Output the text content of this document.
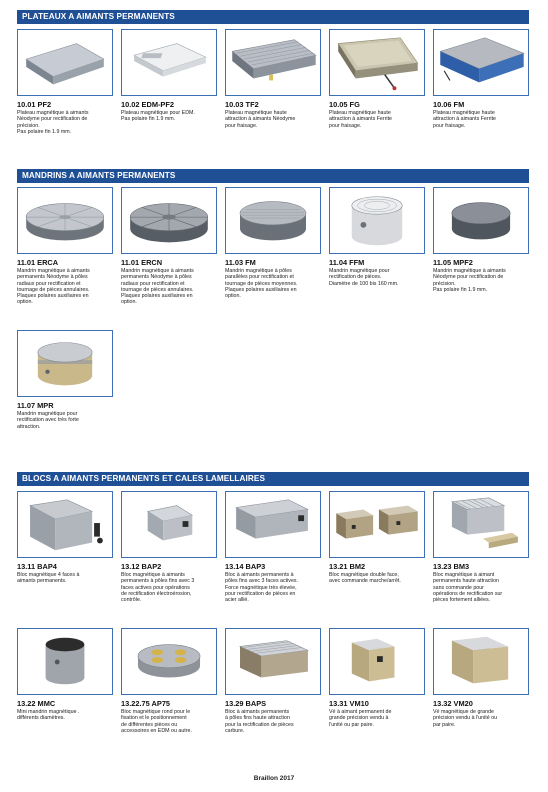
PLATEAUX A AIMANTS PERMANENTS
10.01 PF2
Plateau magnétique à aimants
Néodyme pour rectification de
précision.
Pas polaire fin 1.9 mm.
10.02 EDM-PF2
Plateau magnétique pour EDM.
Pas polaire fin 1.9 mm.
10.03 TF2
Plateau magnétique haute
attraction à aimants Néodyme
pour fraisage.
10.05 FG
Plateau magnétique haute
attraction à aimants Ferrite
pour fraisage.
10.06 FM
Plateau magnétique haute
attraction à aimants Ferrite
pour fraisage.
MANDRINS A AIMANTS PERMANENTS
11.01 ERCA
Mandrin magnétique à aimants
permanents Néodyme à pôles
radiaux pour rectification et
tournage de pièces annulaires.
Plaques polaires auxiliaires en
option.
11.01 ERCN
Mandrin magnétique à aimants
permanents Néodyme à pôles
radiaux pour rectification et
tournage de pièces annulaires.
Plaques polaires auxiliaires en
option.
11.03 FM
Mandrin magnétique à pôles
parallèles pour rectification et
tournage de pièces moyennes.
Plaques polaires auxiliaires en
option.
11.04 FFM
Mandrin magnétique pour
rectification de pièces.
Diamètre de 100 bis 160 mm.
11.05 MPF2
Mandrin magnétique à aimants
Néodyme pour rectification de
précision.
Pas polaire fin 1.9 mm.
11.07 MPR
Mandrin magnétique pour
rectification avec très forte
attraction.
BLOCS A AIMANTS PERMANENTS ET CALES LAMELLAIRES
13.11 BAP4
Bloc magnétique 4 faces à
aimants permanents.
13.12 BAP2
Bloc magnétique à aimants
permanents à pôles fins avec 3
faces actives pour opérations
de rectification électroérosion,
contrôle.
13.14 BAP3
Bloc à aimants permanents à
pôles fins avec 3 faces actives.
Force magnétique très élevée,
pour rectification de pièces en
acier allié.
13.21 BM2
Bloc magnétique double face,
avec commande marche/arrêt.
13.23 BM3
Bloc magnétique à aimant
permanents haute attraction
sans commande pour
opérations de rectification sur
pièces fortement alliées.
13.22 MMC
Mini mandrin magnétique .
différents diamètres.
13.22.75 AP75
Bloc magnétique rond pour le
fixation et le positionnement
de différentes pièces ou
accessoires en EDM ou autre.
13.29 BAPS
Bloc à aimants permanents
à pôles fins haute attraction
pour la rectification de pièces
carbure.
13.31 VM10
Vé à aimant permanent de
grande précision vendu à
l'unité ou par paire.
13.32 VM20
Vé magnétique de grande
précision vendu à l'unité ou
par paire.
Braillon 2017
